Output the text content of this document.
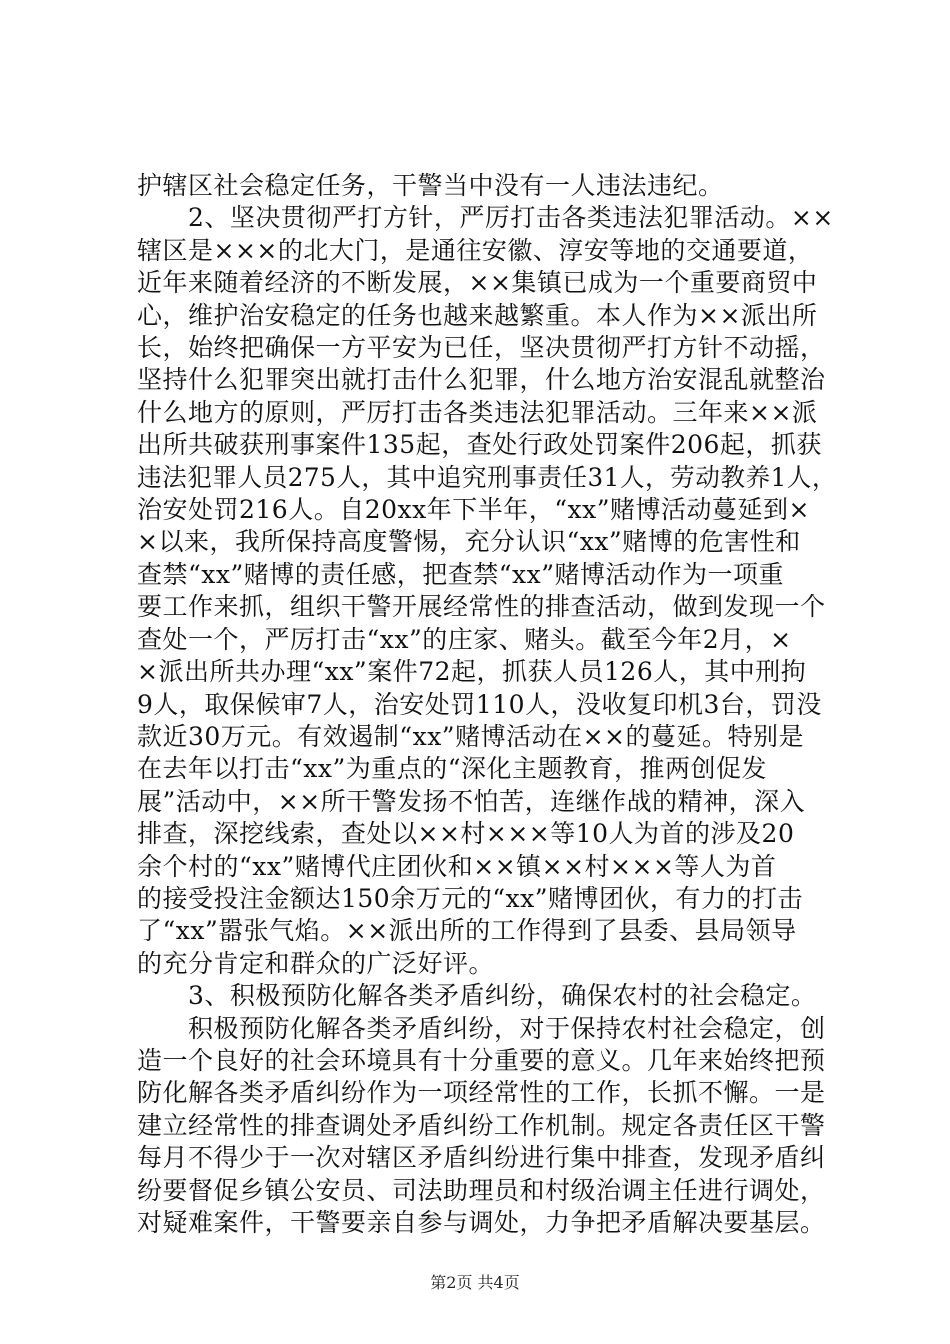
护辖区社会稳定任务，干警当中没有一人违法违纪。
　　2、坚决贯彻严打方针，严厉打击各类违法犯罪活动。××
辖区是×××的北大门，是通往安徽、淳安等地的交通要道，
近年来随着经济的不断发展，××集镇已成为一个重要商贸中
心，维护治安稳定的任务也越来越繁重。本人作为××派出所
长，始终把确保一方平安为已任，坚决贯彻严打方针不动摇，
坚持什么犯罪突出就打击什么犯罪，什么地方治安混乱就整治
什么地方的原则，严厉打击各类违法犯罪活动。三年来××派
出所共破获刑事案件135起，查处行政处罚案件206起，抓获
违法犯罪人员275人，其中追究刑事责任31人，劳动教养1人，
治安处罚216人。自20xx年下半年，“xx”赌博活动蔓延到×
×以来，我所保持高度警惕，充分认识“xx”赌博的危害性和
查禁“xx”赌博的责任感，把查禁“xx”赌博活动作为一项重
要工作来抓，组织干警开展经常性的排查活动，做到发现一个
查处一个，严厉打击“xx”的庄家、赌头。截至今年2月，×
×派出所共办理“xx”案件72起，抓获人员126人，其中刑拘
9人，取保候审7人，治安处罚110人，没收复印机3台，罚没
款近30万元。有效遏制“xx”赌博活动在××的蔓延。特别是
在去年以打击“xx”为重点的“深化主题教育，推两创促发
展”活动中，××所干警发扬不怕苦，连继作战的精神，深入
排查，深挖线索，查处以××村×××等10人为首的涉及20
余个村的“xx”赌博代庄团伙和××镇××村×××等人为首
的接受投注金额达150余万元的“xx”赌博团伙，有力的打击
了“xx”嚣张气焰。××派出所的工作得到了县委、县局领导
的充分肯定和群众的广泛好评。
　　3、积极预防化解各类矛盾纠纷，确保农村的社会稳定。
　　积极预防化解各类矛盾纠纷，对于保持农村社会稳定，创
造一个良好的社会环境具有十分重要的意义。几年来始终把预
防化解各类矛盾纠纷作为一项经常性的工作，长抓不懈。一是
建立经常性的排查调处矛盾纠纷工作机制。规定各责任区干警
每月不得少于一次对辖区矛盾纠纷进行集中排查，发现矛盾纠
纷要督促乡镇公安员、司法助理员和村级治调主任进行调处，
对疑难案件，干警要亲自参与调处，力争把矛盾解决要基层。
第2页 共4页
